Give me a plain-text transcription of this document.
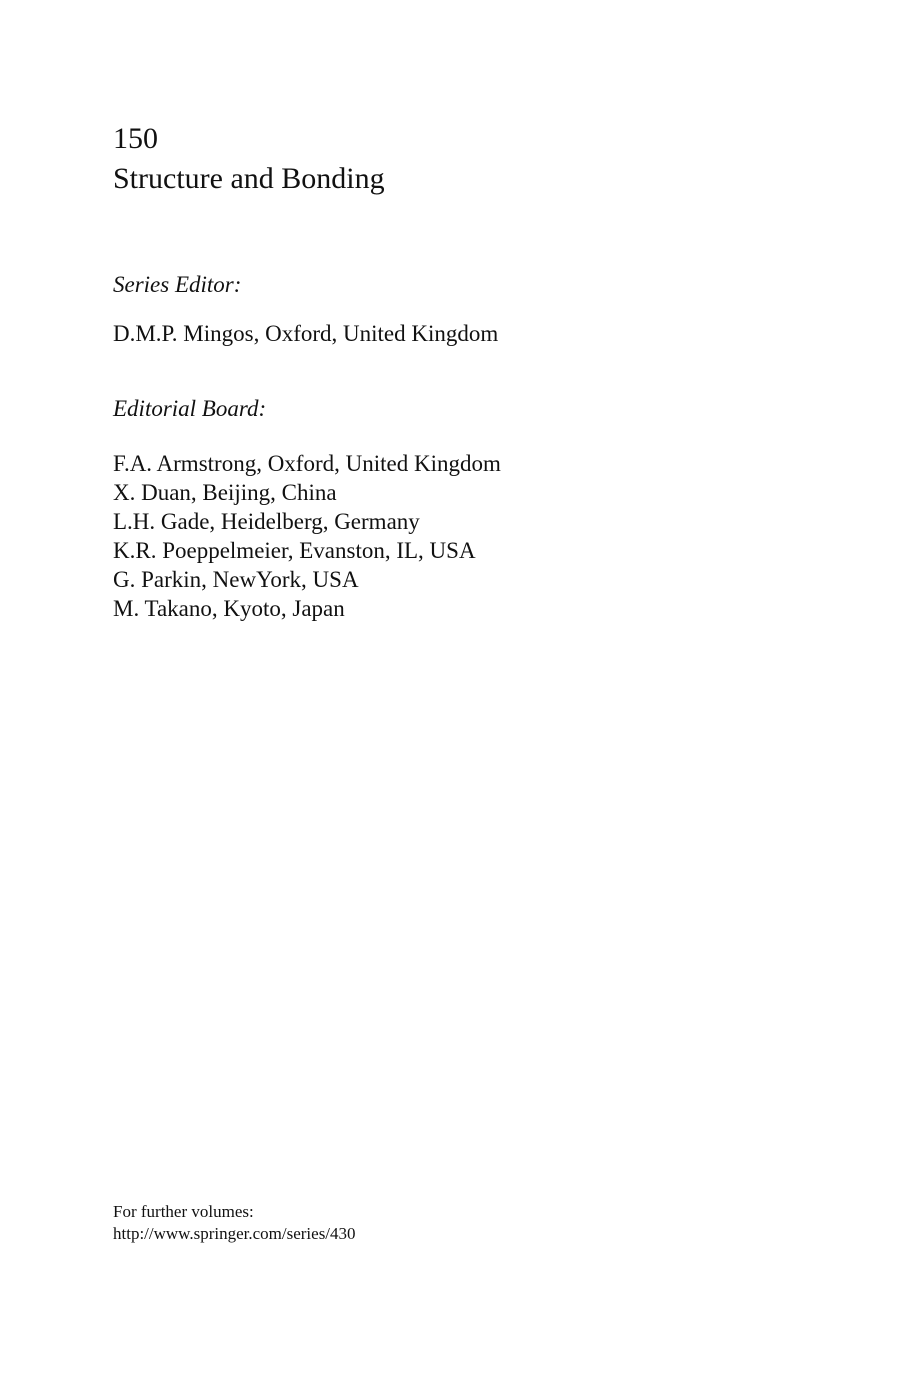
150
Structure and Bonding

Series Editor:

D.M.P. Mingos, Oxford, United Kingdom

Editorial Board:

F.A. Armstrong, Oxford, United Kingdom
X. Duan, Beijing, China
L.H. Gade, Heidelberg, Germany
K.R. Poeppelmeier, Evanston, IL, USA
G. Parkin, NewYork, USA
M. Takano, Kyoto, Japan
For further volumes:
http://www.springer.com/series/430
